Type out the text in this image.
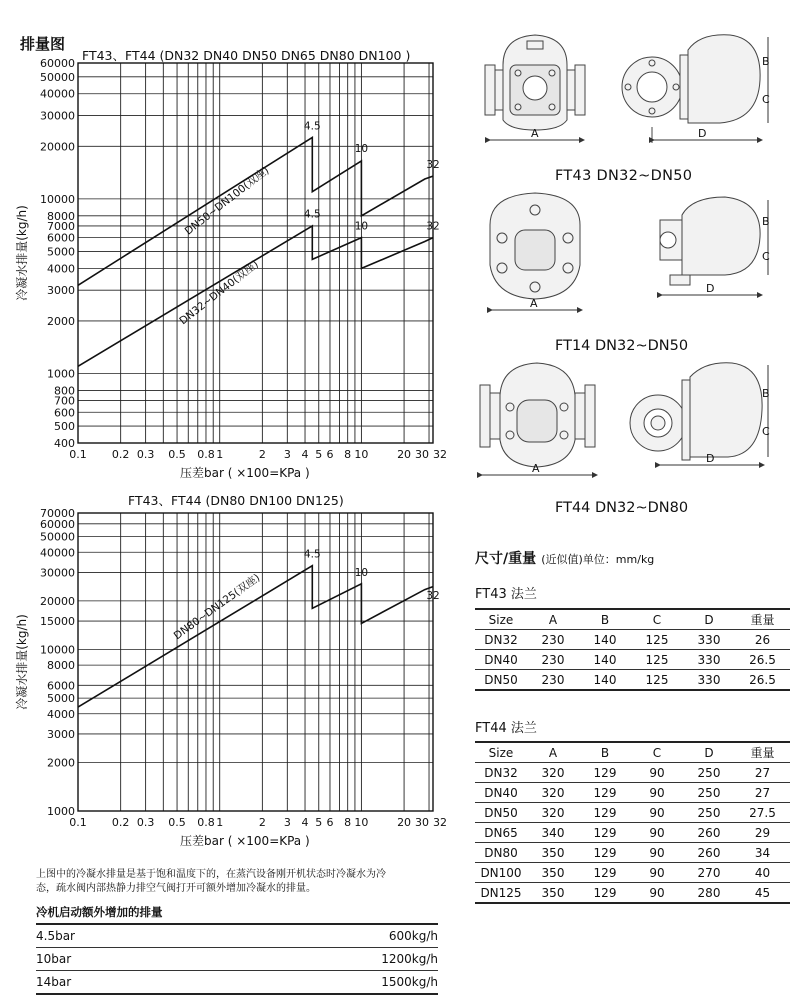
排量图
FT43、FT44 (DN32 DN40 DN50 DN65 DN80 DN100 )
FT43、FT44 (DN80 DN100 DN125)
400
500
600
700
800
1000
2000
3000
4000
5000
6000
7000
8000
10000
20000
30000
40000
50000
60000
0.1 0.2 0.3 0.5 0.8 1	2 3 4 5 6 8 10	20 30 32
压差bar ( ×100=KPa )
冷凝水排量(kg/h)
DN50~DN100(双座)
DN32~DN40(双座)
4.5
10
32
4.5
10	32
1000
2000
3000
4000
5000
6000
8000
10000
15000
20000
30000
40000
50000
60000
70000
0.1 0.2 0.3 0.5 0.8 1	2 3 4 5 6 8 10	20 30 32
压差bar ( ×100=KPa )
冷凝水排量(kg/h)
DN80~DN125(双座)
4.5
10
32
上图中的冷凝水排量是基于饱和温度下的，在蒸汽设备刚开机状态时冷凝水为冷
态，疏水阀内部热静力排空气阀打开可额外增加冷凝水的排量。
冷机启动额外增加的排量
4.5bar	600kg/h
10bar	1200kg/h
14bar	1500kg/h
A	D
B
C
FT43 DN32~DN50
A
D
B
C
FT14 DN32~DN50
A
D
B
C
FT44 DN32~DN80
尺寸/重量 (近似值)单位：mm/kg
FT43 法兰
Size	A	B	C	D	重量
DN32	230	140	125	330	26
DN40	230	140	125	330	26.5
DN50	230	140	125	330	26.5
FT44 法兰
Size	A	B	C	D	重量
DN32	320	129	90	250	27
DN40	320	129	90	250	27
DN50	320	129	90	250	27.5
DN65	340	129	90	260	29
DN80	350	129	90	260	34
DN100	350	129	90	270	40
DN125	350	129	90	280	45
